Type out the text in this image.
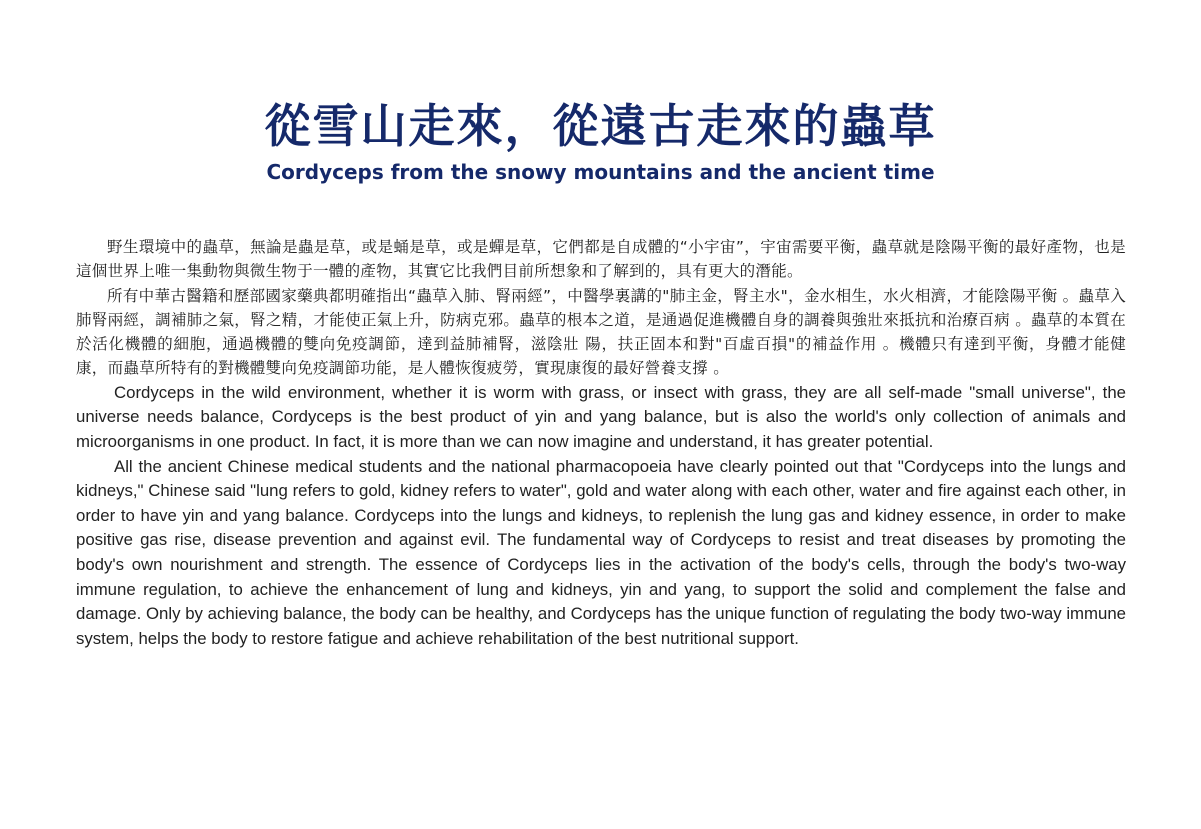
從雪山走來，從遠古走來的蟲草
Cordyceps from the snowy mountains and the ancient time

野生環境中的蟲草，無論是蟲是草，或是蛹是草，或是蟬是草，它們都是自成體的“小宇宙”，宇宙需要平衡，蟲草就是陰陽平衡的最好產物，也是這個世界上唯一集動物與微生物于一體的產物，其實它比我們目前所想象和了解到的，具有更大的潛能。

所有中華古醫籍和歷部國家藥典都明確指出“蟲草入肺、腎兩經”，中醫學裏講的"肺主金，腎主水"，金水相生，水火相濟，才能陰陽平衡 。蟲草入肺腎兩經，調補肺之氣，腎之精，才能使正氣上升，防病克邪。蟲草的根本之道，是通過促進機體自身的調養與強壯來抵抗和治療百病 。蟲草的本質在於活化機體的細胞，通過機體的雙向免疫調節，達到益肺補腎，滋陰壯 陽，扶正固本和對"百虛百損"的補益作用 。機體只有達到平衡，身體才能健康，而蟲草所特有的對機體雙向免疫調節功能，是人體恢復疲勞，實現康復的最好營養支撐 。

Cordyceps in the wild environment, whether it is worm with grass, or insect with grass, they are all self-made "small universe", the universe needs balance, Cordyceps is the best product of yin and yang balance, but is also the world's only collection of animals and microorganisms in one product. In fact, it is more than we can now imagine and understand, it has greater potential.

All the ancient Chinese medical students and the national pharmacopoeia have clearly pointed out that "Cordyceps into the lungs and kidneys," Chinese said "lung refers to gold, kidney refers to water", gold and water along with each other, water and fire against each other, in order to have yin and yang balance. Cordyceps into the lungs and kidneys, to replenish the lung gas and kidney essence, in order to make positive gas rise, disease prevention and against evil. The fundamental way of Cordyceps to resist and treat diseases by promoting the body's own nourishment and strength. The essence of Cordyceps lies in the activation of the body's cells, through the body's two-way immune regulation, to achieve the enhancement of lung and kidneys, yin and yang, to support the solid and complement the false and damage. Only by achieving balance, the body can be healthy, and Cordyceps has the unique function of regulating the body two-way immune system, helps the body to restore fatigue and achieve rehabilitation of the best nutritional support.
